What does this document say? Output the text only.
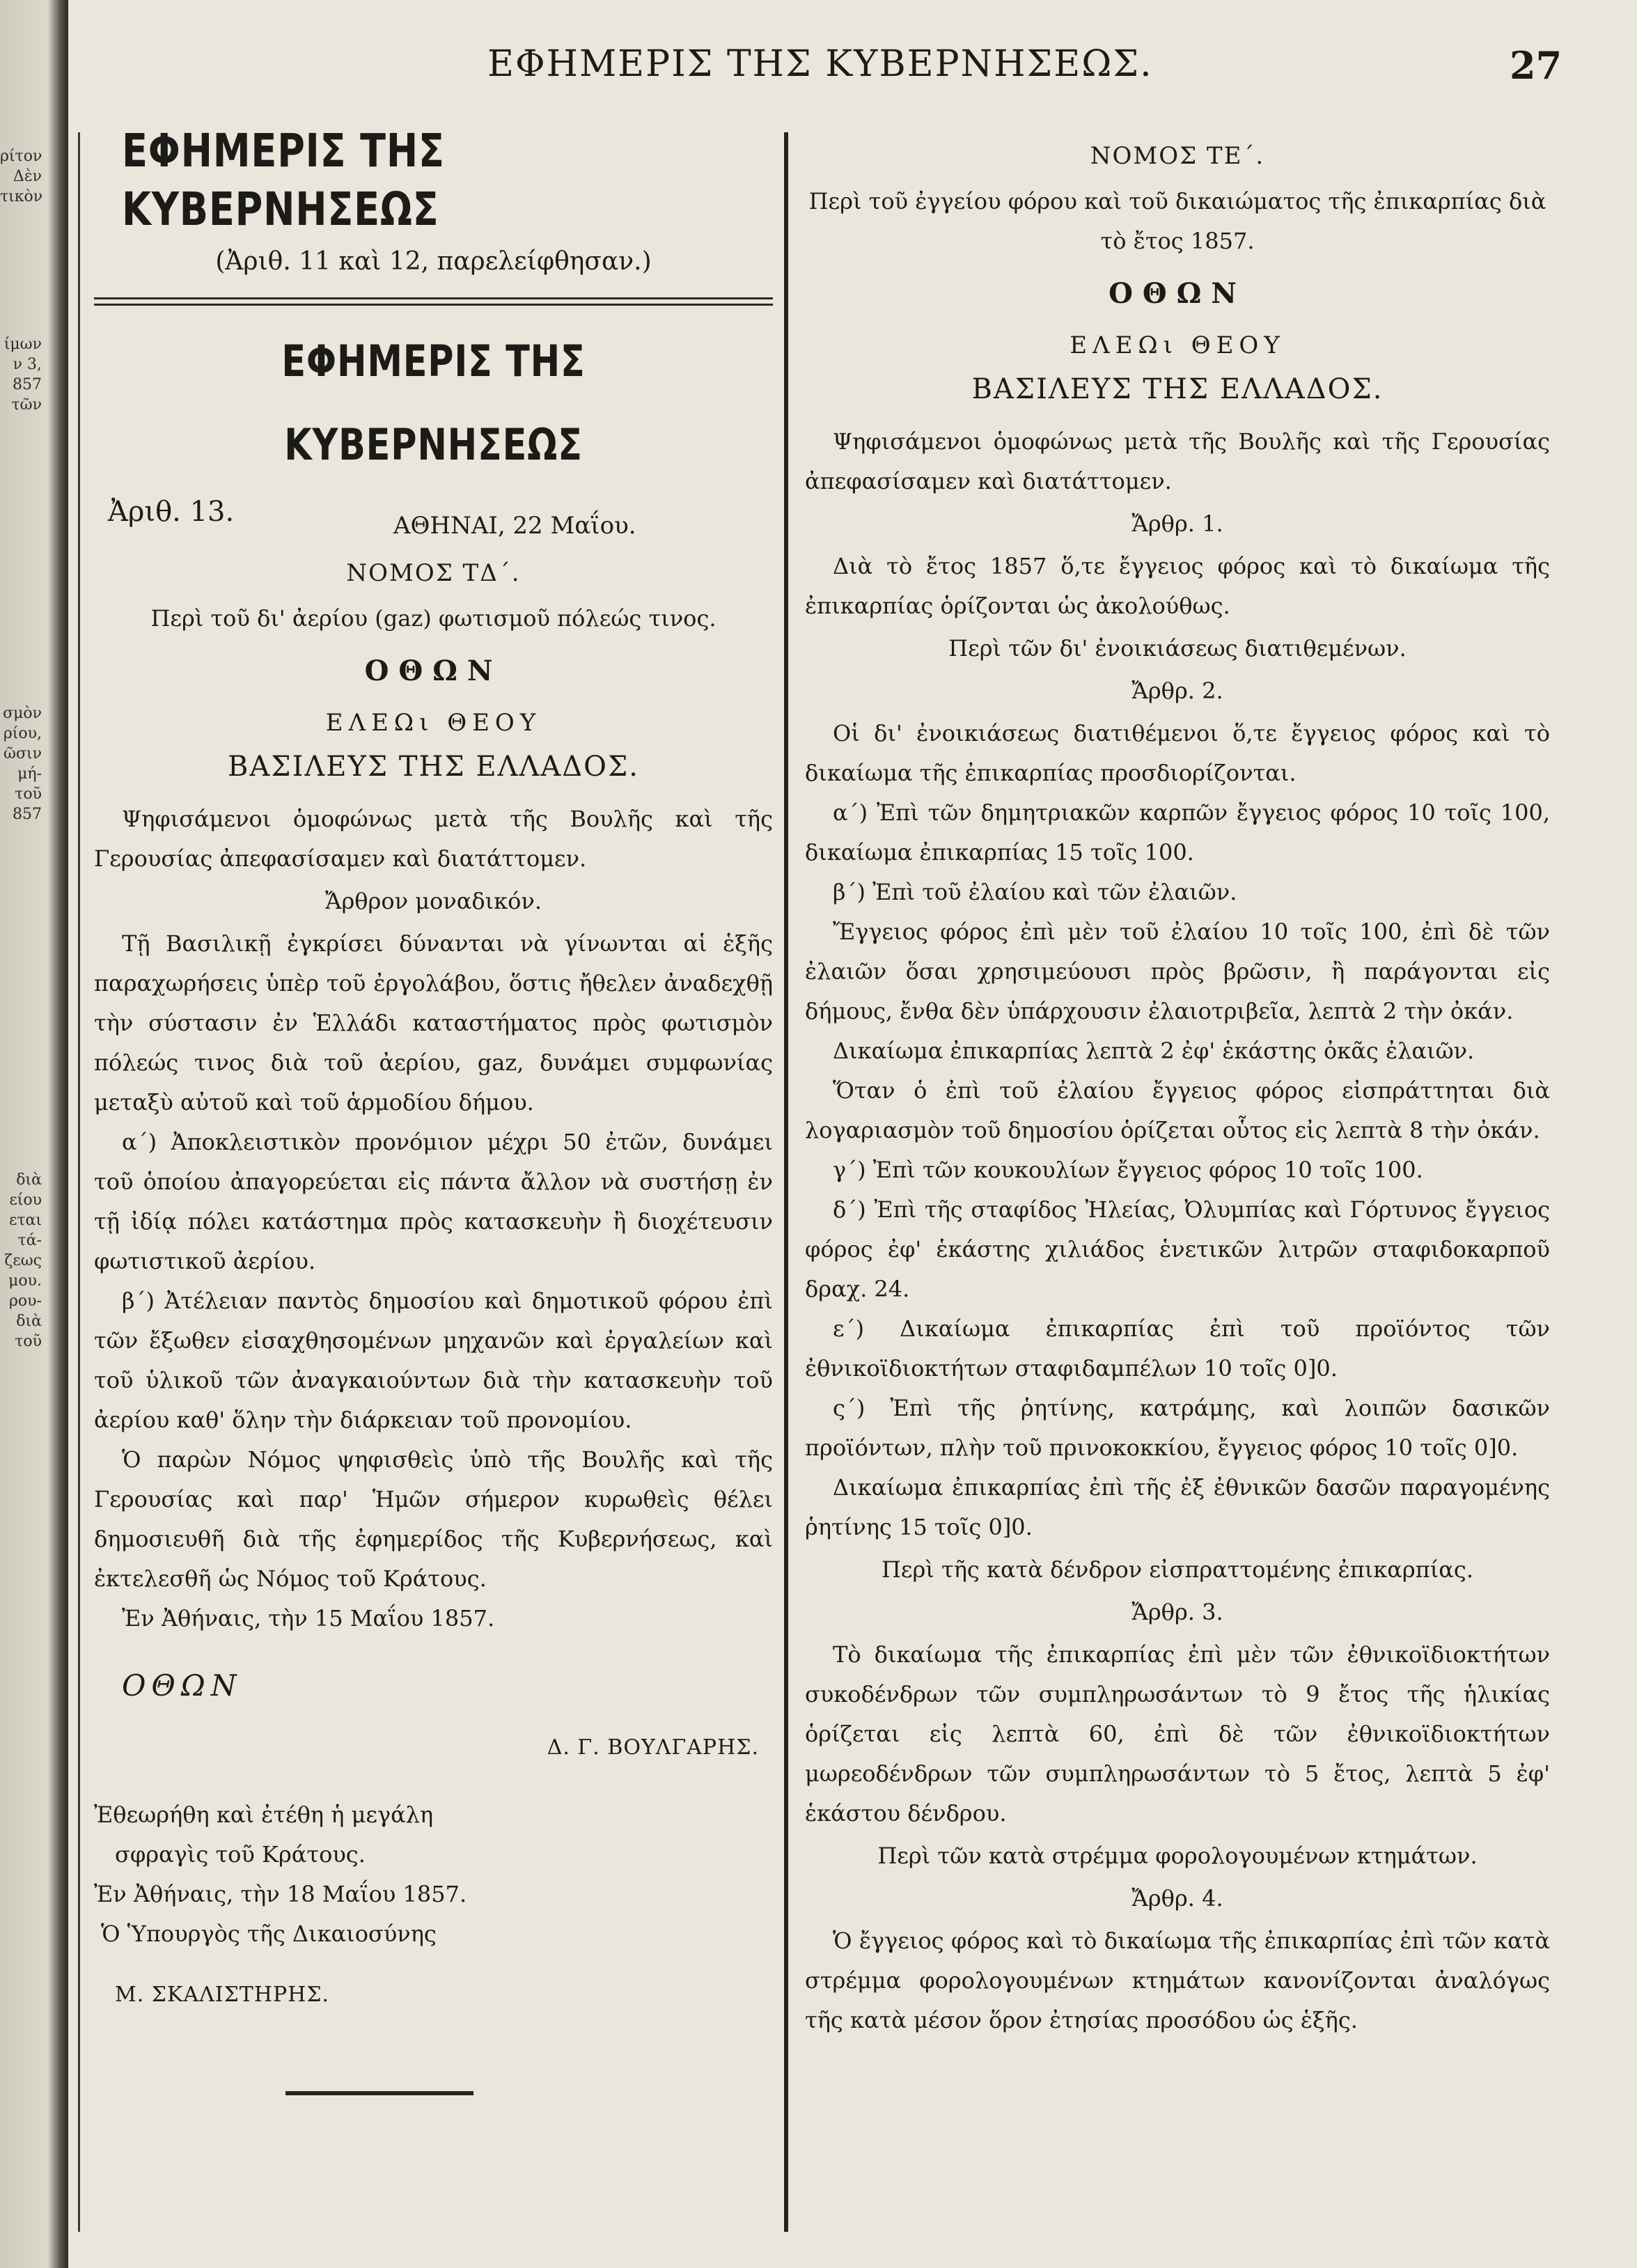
ρίτον
Δὲν
τικὸν
ίμων
ν 3,
857
τῶν
σμὸν
ρίου,
ῶσιν
μή-
τοῦ
857
διὰ
είου
εται
τά-
ζεως
μου.
ρου-
διὰ
τοῦ
ΕΦΗΜΕΡΙΣ ΤΗΣ ΚΥΒΕΡΝΗΣΕΩΣ.	27
ΕΦΗΜΕΡΙΣ ΤΗΣ ΚΥΒΕΡΝΗΣΕΩΣ

(Ἀριθ. 11 καὶ 12, παρελείφθησαν.)

ΕΦΗΜΕΡΙΣ ΤΗΣ ΚΥΒΕΡΝΗΣΕΩΣ
Ἀριθ. 13.	ΑΘΗΝΑΙ, 22 Μαΐου.

ΝΟΜΟΣ ΤΔ΄.

Περὶ τοῦ δι' ἀερίου (gaz) φωτισμοῦ πόλεώς τινος.

ΟΘΩΝ

ΕΛΕΩι ΘΕΟΥ

ΒΑΣΙΛΕΥΣ ΤΗΣ ΕΛΛΑΔΟΣ.

Ψηφισάμενοι ὁμοφώνως μετὰ τῆς Βουλῆς καὶ τῆς Γερουσίας ἀπεφασίσαμεν καὶ διατάττομεν.

Ἄρθρον μοναδικόν.

Τῇ Βασιλικῇ ἐγκρίσει δύνανται νὰ γίνωνται αἱ ἑξῆς παραχωρήσεις ὑπὲρ τοῦ ἐργολάβου, ὅστις ἤθελεν ἀναδεχθῇ τὴν σύστασιν ἐν Ἑλλάδι καταστήματος πρὸς φωτισμὸν πόλεώς τινος διὰ τοῦ ἀερίου, gaz, δυνάμει συμφωνίας μεταξὺ αὐτοῦ καὶ τοῦ ἁρμοδίου δήμου.

α΄) Ἀποκλειστικὸν προνόμιον μέχρι 50 ἐτῶν, δυνάμει τοῦ ὁποίου ἀπαγορεύεται εἰς πάντα ἄλλον νὰ συστήσῃ ἐν τῇ ἰδίᾳ πόλει κατάστημα πρὸς κατασκευὴν ἢ διοχέτευσιν φωτιστικοῦ ἀερίου.

β΄) Ἀτέλειαν παντὸς δημοσίου καὶ δημοτικοῦ φόρου ἐπὶ τῶν ἔξωθεν εἰσαχθησομένων μηχανῶν καὶ ἐργαλείων καὶ τοῦ ὑλικοῦ τῶν ἀναγκαιούντων διὰ τὴν κατασκευὴν τοῦ ἀερίου καθ' ὅλην τὴν διάρκειαν τοῦ προνομίου.

Ὁ παρὼν Νόμος ψηφισθεὶς ὑπὸ τῆς Βουλῆς καὶ τῆς Γερουσίας καὶ παρ' Ἡμῶν σήμερον κυρωθεὶς θέλει δημοσιευθῆ διὰ τῆς ἐφημερίδος τῆς Κυβερνήσεως, καὶ ἐκτελεσθῆ ὡς Νόμος τοῦ Κράτους.

Ἐν Ἀθήναις, τὴν 15 Μαΐου 1857.

ΟΘΩΝ

Δ. Γ. ΒΟΥΛΓΑΡΗΣ.

Ἐθεωρήθη καὶ ἐτέθη ἡ μεγάλη

σφραγὶς τοῦ Κράτους.

Ἐν Ἀθήναις, τὴν 18 Μαΐου 1857.

Ὁ Ὑπουργὸς τῆς Δικαιοσύνης

Μ. ΣΚΑΛΙΣΤΗΡΗΣ.

ΝΟΜΟΣ ΤΕ΄.

Περὶ τοῦ ἐγγείου φόρου καὶ τοῦ δικαιώματος τῆς ἐπικαρπίας διὰ τὸ ἔτος 1857.

ΟΘΩΝ

ΕΛΕΩι ΘΕΟΥ

ΒΑΣΙΛΕΥΣ ΤΗΣ ΕΛΛΑΔΟΣ.

Ψηφισάμενοι ὁμοφώνως μετὰ τῆς Βουλῆς καὶ τῆς Γερουσίας ἀπεφασίσαμεν καὶ διατάττομεν.

Ἄρθρ. 1.

Διὰ τὸ ἔτος 1857 ὅ,τε ἔγγειος φόρος καὶ τὸ δικαίωμα τῆς ἐπικαρπίας ὁρίζονται ὡς ἀκολούθως.

Περὶ τῶν δι' ἐνοικιάσεως διατιθεμένων.

Ἄρθρ. 2.

Οἱ δι' ἐνοικιάσεως διατιθέμενοι ὅ,τε ἔγγειος φόρος καὶ τὸ δικαίωμα τῆς ἐπικαρπίας προσδιορίζονται.

α΄) Ἐπὶ τῶν δημητριακῶν καρπῶν ἔγγειος φόρος 10 τοῖς 100, δικαίωμα ἐπικαρπίας 15 τοῖς 100.

β΄) Ἐπὶ τοῦ ἐλαίου καὶ τῶν ἐλαιῶν.

Ἔγγειος φόρος ἐπὶ μὲν τοῦ ἐλαίου 10 τοῖς 100, ἐπὶ δὲ τῶν ἐλαιῶν ὅσαι χρησιμεύουσι πρὸς βρῶσιν, ἢ παράγονται εἰς δήμους, ἔνθα δὲν ὑπάρχουσιν ἐλαιοτριβεῖα, λεπτὰ 2 τὴν ὀκάν.

Δικαίωμα ἐπικαρπίας λεπτὰ 2 ἐφ' ἑκάστης ὀκᾶς ἐλαιῶν.

Ὅταν ὁ ἐπὶ τοῦ ἐλαίου ἔγγειος φόρος εἰσπράττηται διὰ λογαριασμὸν τοῦ δημοσίου ὁρίζεται οὗτος εἰς λεπτὰ 8 τὴν ὀκάν.

γ΄) Ἐπὶ τῶν κουκουλίων ἔγγειος φόρος 10 τοῖς 100.

δ΄) Ἐπὶ τῆς σταφίδος Ἠλείας, Ὀλυμπίας καὶ Γόρτυνος ἔγγειος φόρος ἐφ' ἑκάστης χιλιάδος ἑνετικῶν λιτρῶν σταφιδοκαρποῦ δραχ. 24.

ε΄) Δικαίωμα ἐπικαρπίας ἐπὶ τοῦ προϊόντος τῶν ἐθνικοϊδιοκτήτων σταφιδαμπέλων 10 τοῖς 0]0.

ς΄) Ἐπὶ τῆς ῥητίνης, κατράμης, καὶ λοιπῶν δασικῶν προϊόντων, πλὴν τοῦ πρινοκοκκίου, ἔγγειος φόρος 10 τοῖς 0]0.

Δικαίωμα ἐπικαρπίας ἐπὶ τῆς ἐξ ἐθνικῶν δασῶν παραγομένης ῥητίνης 15 τοῖς 0]0.

Περὶ τῆς κατὰ δένδρον εἰσπραττομένης ἐπικαρπίας.

Ἄρθρ. 3.

Τὸ δικαίωμα τῆς ἐπικαρπίας ἐπὶ μὲν τῶν ἐθνικοϊδιοκτήτων συκοδένδρων τῶν συμπληρωσάντων τὸ 9 ἔτος τῆς ἡλικίας ὁρίζεται εἰς λεπτὰ 60, ἐπὶ δὲ τῶν ἐθνικοϊδιοκτήτων μωρεοδένδρων τῶν συμπληρωσάντων τὸ 5 ἔτος, λεπτὰ 5 ἐφ' ἑκάστου δένδρου.

Περὶ τῶν κατὰ στρέμμα φορολογουμένων κτημάτων.

Ἄρθρ. 4.

Ὁ ἔγγειος φόρος καὶ τὸ δικαίωμα τῆς ἐπικαρπίας ἐπὶ τῶν κατὰ στρέμμα φορολογουμένων κτημάτων κανονίζονται ἀναλόγως τῆς κατὰ μέσον ὅρον ἐτησίας προσόδου ὡς ἑξῆς.
